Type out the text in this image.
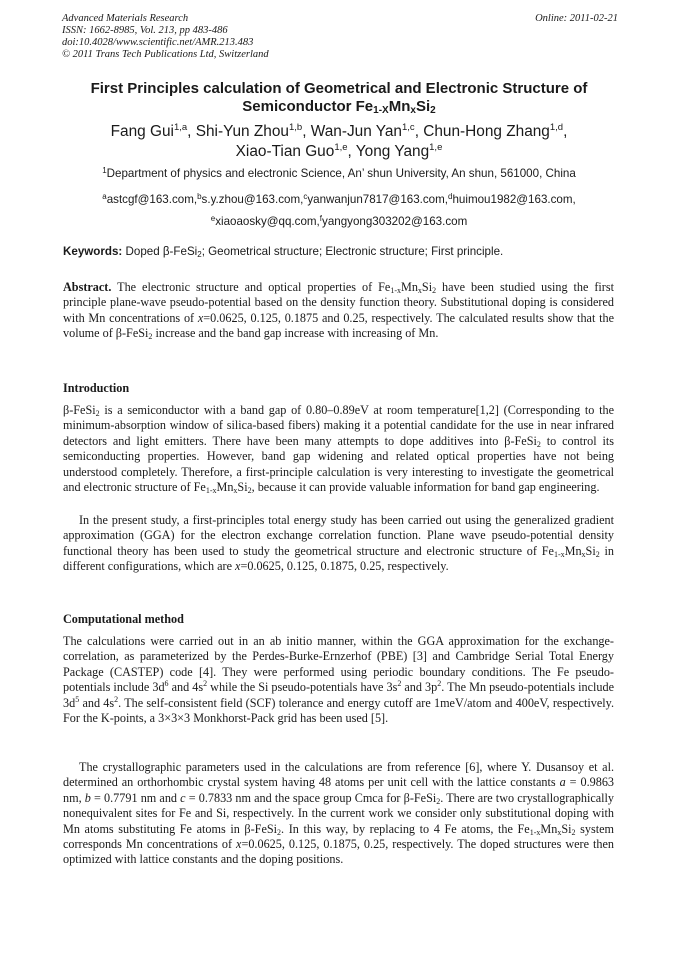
Advanced Materials Research
ISSN: 1662-8985, Vol. 213, pp 483-486
doi:10.4028/www.scientific.net/AMR.213.483
© 2011 Trans Tech Publications Ltd, Switzerland
Online: 2011-02-21
First Principles calculation of Geometrical and Electronic Structure of
Semiconductor $Fe_{1-X}Mn_xSi_2$
Fang Gui$^{1,a}$, Shi-Yun Zhou$^{1,b}$, Wan-Jun Yan$^{1,c}$, Chun-Hong Zhang$^{1,d}$,
Xiao-Tian Guo$^{1,e}$, Yong Yang$^{1,e}$
$^1$Department of physics and electronic Science, An’ shun University, An shun, 561000, China
$^a$astcgf@163.com,$^b$s.y.zhou@163.com,$^c$yanwanjun7817@163.com,$^d$huimou1982@163.com,
$^e$xiaoaosky@qq.com,$^f$yangyong303202@163.com
Keywords: Doped β-FeSi$_2$; Geometrical structure; Electronic structure; First principle.
Abstract. The electronic structure and optical properties of $Fe_{1-x}Mn_xSi_2$ have been studied using the first principle plane-wave pseudo-potential based on the density function theory. Substitutional doping is considered with Mn concentrations of x=0.0625, 0.125, 0.1875 and 0.25, respectively. The calculated results show that the volume of β-FeSi$_2$ increase and the band gap increase with increasing of Mn.
Introduction
β-FeSi$_2$ is a semiconductor with a band gap of 0.80–0.89eV at room temperature[1,2] (Corresponding to the minimum-absorption window of silica-based fibers) making it a potential candidate for the use in near infrared detectors and light emitters. There have been many attempts to dope additives into β-FeSi$_2$ to control its semiconducting properties. However, band gap widening and related optical properties have not being understood completely. Therefore, a first-principle calculation is very interesting to investigate the geometrical and electronic structure of $Fe_{1-x}Mn_xSi_2$, because it can provide valuable information for band gap engineering.
In the present study, a first-principles total energy study has been carried out using the generalized gradient approximation (GGA) for the electron exchange correlation function. Plane wave pseudo-potential density functional theory has been used to study the geometrical structure and electronic structure of $Fe_{1-x}Mn_xSi_2$ in different configurations, which are x=0.0625, 0.125, 0.1875, 0.25, respectively.
Computational method
The calculations were carried out in an ab initio manner, within the GGA approximation for the exchange-correlation, as parameterized by the Perdes-Burke-Ernzerhof (PBE) [3] and Cambridge Serial Total Energy Package (CASTEP) code [4]. They were performed using periodic boundary conditions. The Fe pseudo-potentials include $3d^6$ and $4s^2$ while the Si pseudo-potentials have $3s^2$ and $3p^2$. The Mn pseudo-potentials include $3d^5$ and $4s^2$. The self-consistent field (SCF) tolerance and energy cutoff are 1meV/atom and 400eV, respectively. For the K-points, a 3×3×3 Monkhorst-Pack grid has been used [5].
The crystallographic parameters used in the calculations are from reference [6], where Y. Dusansoy et al. determined an orthorhombic crystal system having 48 atoms per unit cell with the lattice constants a = 0.9863 nm, b = 0.7791 nm and c = 0.7833 nm and the space group Cmca for β-FeSi$_2$. There are two crystallographically nonequivalent sites for Fe and Si, respectively. In the current work we consider only substitutional doping with Mn atoms substituting Fe atoms in β-FeSi$_2$. In this way, by replacing to 4 Fe atoms, the $Fe_{1-x}Mn_xSi_2$ system corresponds Mn concentrations of x=0.0625, 0.125, 0.1875, 0.25, respectively. The doped structures were then optimized with lattice constants and the doping positions.
